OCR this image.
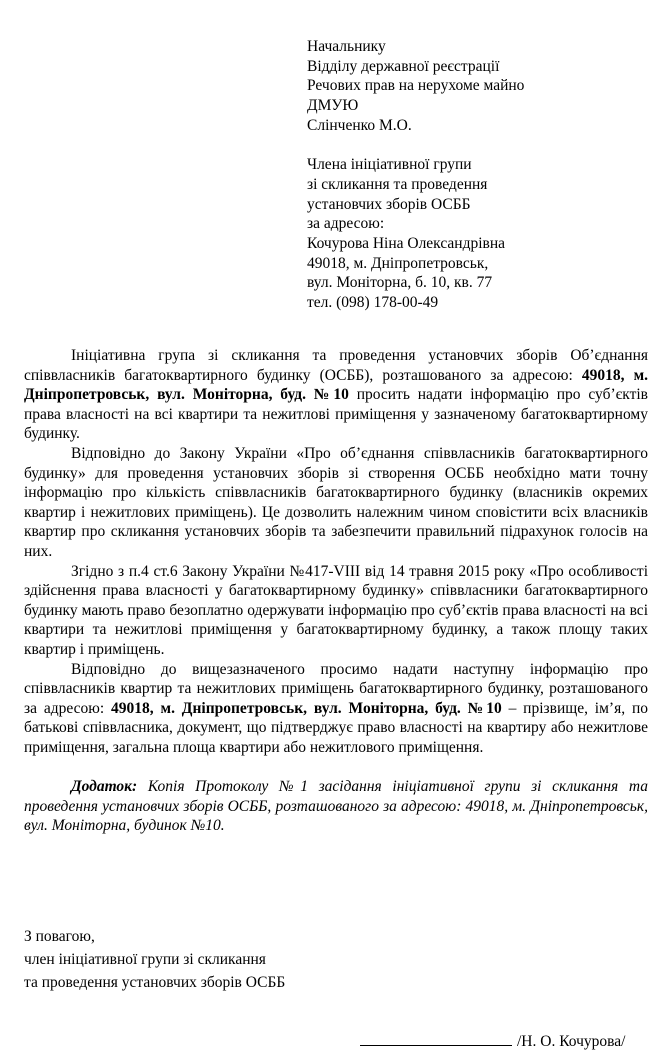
Начальнику
Відділу державної реєстрації
Речових прав на нерухоме майно
ДМУЮ
Слінченко М.О.
Члена ініціативної групи
зі скликання та проведення
установчих зборів ОСББ
за адресою:
Кочурова Ніна Олександрівна
49018, м. Дніпропетровськ,
вул. Моніторна, б. 10, кв. 77
тел. (098) 178-00-49

Ініціативна група зі скликання та проведення установчих зборів Об’єднання співвласників багатоквартирного будинку (ОСББ), розташованого за адресою: 49018, м. Дніпропетровськ, вул. Моніторна, буд. №10 просить надати інформацію про суб’єктів права власності на всі квартири та нежитлові приміщення у зазначеному багатоквартирному будинку.

Відповідно до Закону України «Про об’єднання співвласників багатоквартирного будинку» для проведення установчих зборів зі створення ОСББ необхідно мати точну інформацію про кількість співвласників багатоквартирного будинку (власників окремих квартир і нежитлових приміщень). Це дозволить належним чином сповістити всіх власників квартир про скликання установчих зборів та забезпечити правильний підрахунок голосів на них.

Згідно з п.4 ст.6 Закону України №417-VIII від 14 травня 2015 року «Про особливості здійснення права власності у багатоквартирному будинку» співвласники багатоквартирного будинку мають право безоплатно одержувати інформацію про суб’єктів права власності на всі квартири та нежитлові приміщення у багатоквартирному будинку, а також площу таких квартир і приміщень.

Відповідно до вищезазначеного просимо надати наступну інформацію про співвласників квартир та нежитлових приміщень багатоквартирного будинку, розташованого за адресою: 49018, м. Дніпропетровськ, вул. Моніторна, буд. №10 – прізвище, ім’я, по батькові співвласника, документ, що підтверджує право власності на квартиру або нежитлове приміщення, загальна площа квартири або нежитлового приміщення.

Додаток: Копія Протоколу №1 засідання ініціативної групи зі скликання та проведення установчих зборів ОСББ, розташованого за адресою: 49018, м. Дніпропетровськ, вул. Моніторна, будинок №10.

З повагою,
член ініціативної групи зі скликання
та проведення установчих зборів ОСББ
/Н. О. Кочурова/
